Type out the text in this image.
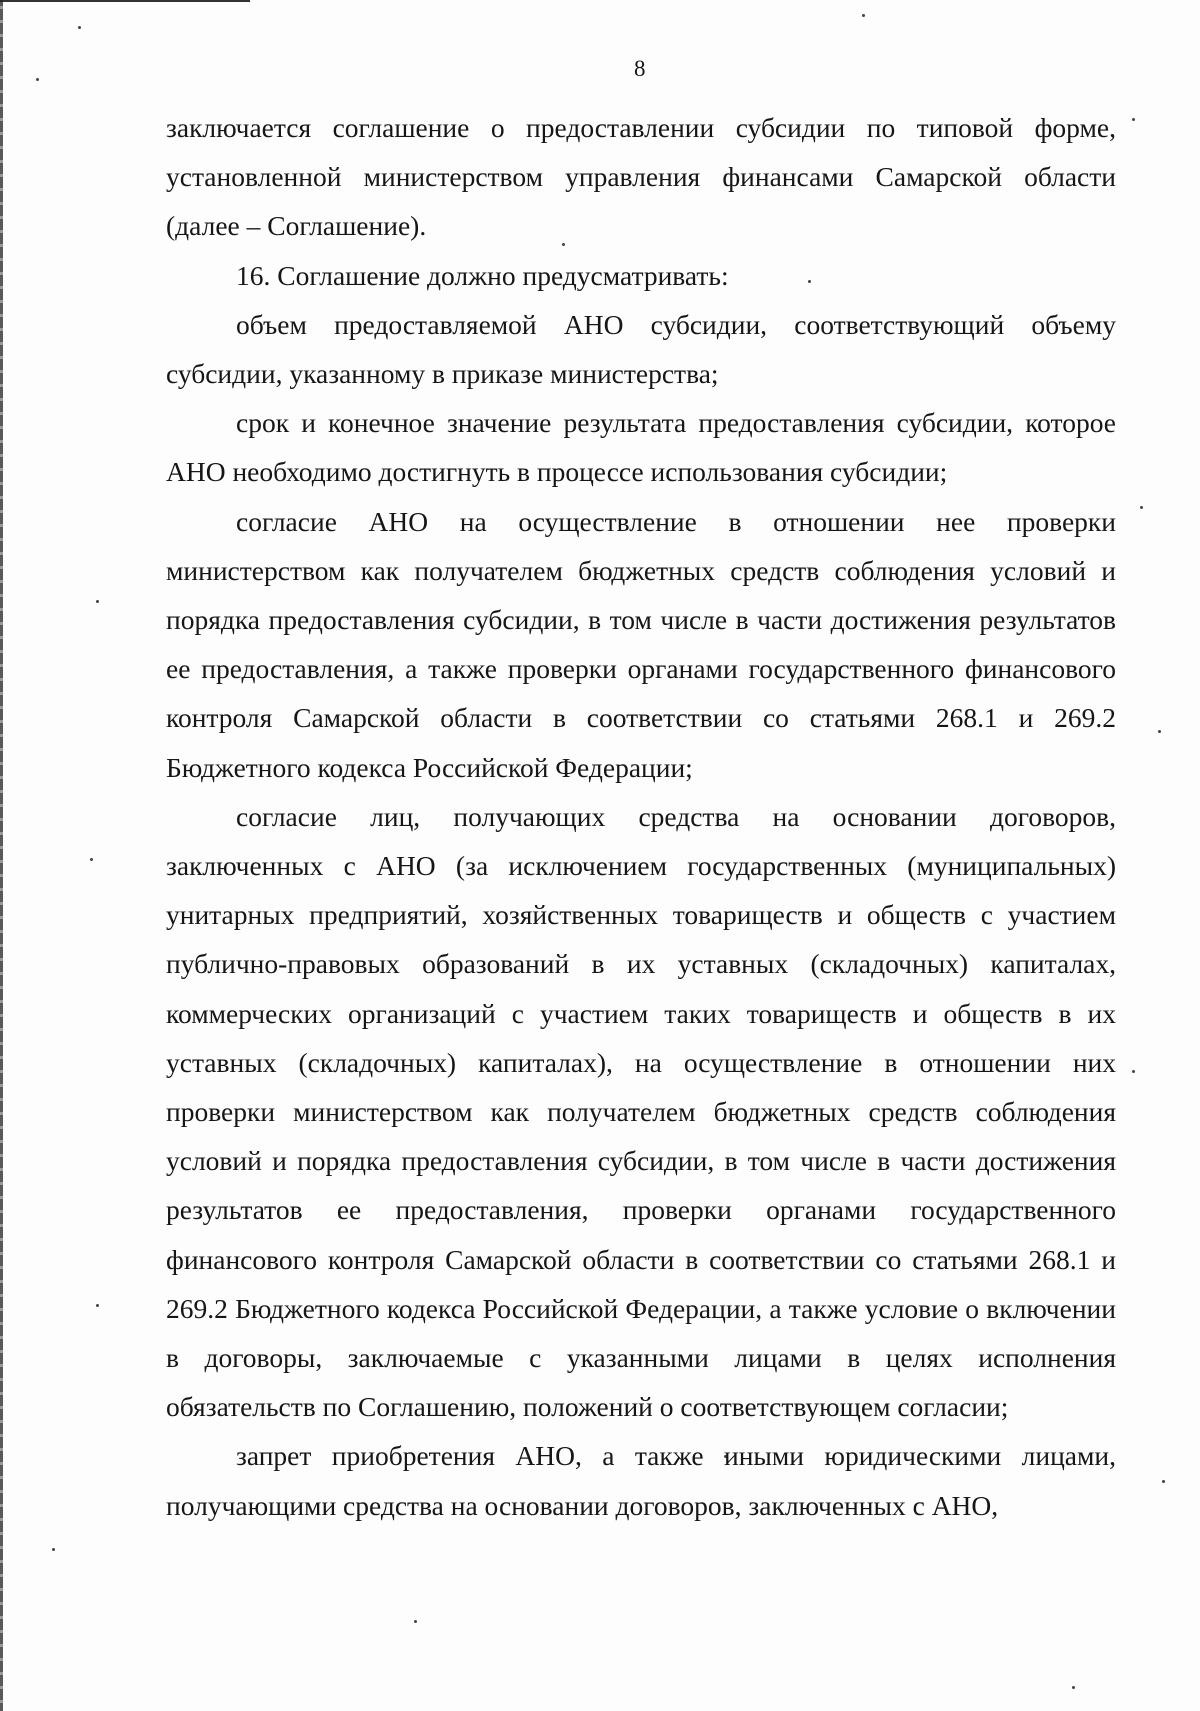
8

заключается соглашение о предоставлении субсидии по типовой форме, установленной министерством управления финансами Самарской области (далее – Соглашение).

16. Соглашение должно предусматривать:

объем предоставляемой АНО субсидии, соответствующий объему субсидии, указанному в приказе министерства;

срок и конечное значение результата предоставления субсидии, которое АНО необходимо достигнуть в процессе использования субсидии;

согласие АНО на осуществление в отношении нее проверки министерством как получателем бюджетных средств соблюдения условий и порядка предоставления субсидии, в том числе в части достижения результатов ее предоставления, а также проверки органами государственного финансового контроля Самарской области в соответствии со статьями 268.1 и 269.2 Бюджетного кодекса Российской Федерации;

согласие лиц, получающих средства на основании договоров, заключенных с АНО (за исключением государственных (муниципальных) унитарных предприятий, хозяйственных товариществ и обществ с участием публично-правовых образований в их уставных (складочных) капиталах, коммерческих организаций с участием таких товариществ и обществ в их уставных (складочных) капиталах), на осуществление в отношении них проверки министерством как получателем бюджетных средств соблюдения условий и порядка предоставления субсидии, в том числе в части достижения результатов ее предоставления, проверки органами государственного финансового контроля Самарской области в соответствии со статьями 268.1 и 269.2 Бюджетного кодекса Российской Федерации, а также условие о включении в договоры, заключаемые с указанными лицами в целях исполнения обязательств по Соглашению, положений о соответствующем согласии;

запрет приобретения АНО, а также иными юридическими лицами, получающими средства на основании договоров, заключенных с АНО,
